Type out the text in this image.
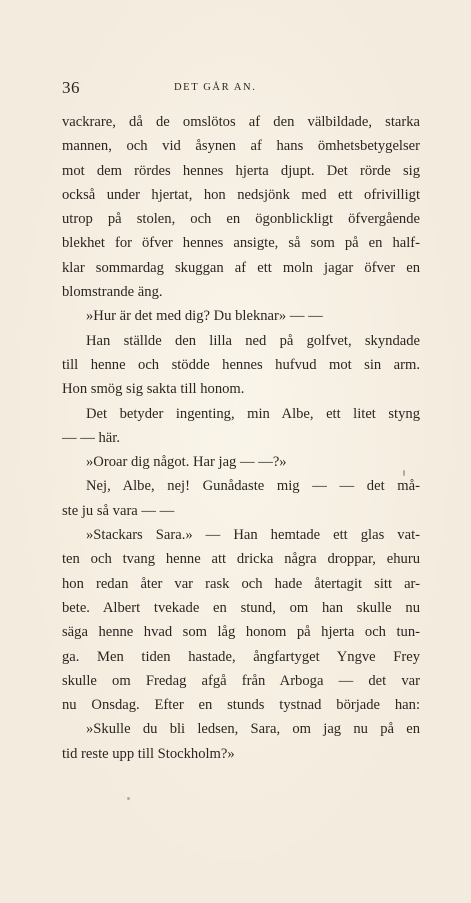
36	DET GÅR AN.
vackrare, då de omslötos af den välbildade, starka
mannen, och vid åsynen af hans ömhetsbetygelser
mot dem rördes hennes hjerta djupt. Det rörde sig
också under hjertat, hon nedsjönk med ett ofrivilligt
utrop på stolen, och en ögonblickligt öfvergående
blekhet for öfver hennes ansigte, så som på en half-
klar sommardag skuggan af ett moln jagar öfver en
blomstrande äng.
»Hur är det med dig? Du bleknar» — —
Han ställde den lilla ned på golfvet, skyndade
till henne och stödde hennes hufvud mot sin arm.
Hon smög sig sakta till honom.
Det betyder ingenting, min Albe, ett litet styng
— — här.
»Oroar dig något. Har jag — —?»
Nej, Albe, nej! Gunådaste mig — — det må-
ste ju så vara — —
»Stackars Sara.» — Han hemtade ett glas vat-
ten och tvang henne att dricka några droppar, ehuru
hon redan åter var rask och hade återtagit sitt ar-
bete. Albert tvekade en stund, om han skulle nu
säga henne hvad som låg honom på hjerta och tun-
ga. Men tiden hastade, ångfartyget Yngve Frey
skulle om Fredag afgå från Arboga — det var
nu Onsdag. Efter en stunds tystnad började han:
»Skulle du bli ledsen, Sara, om jag nu på en
tid reste upp till Stockholm?»
